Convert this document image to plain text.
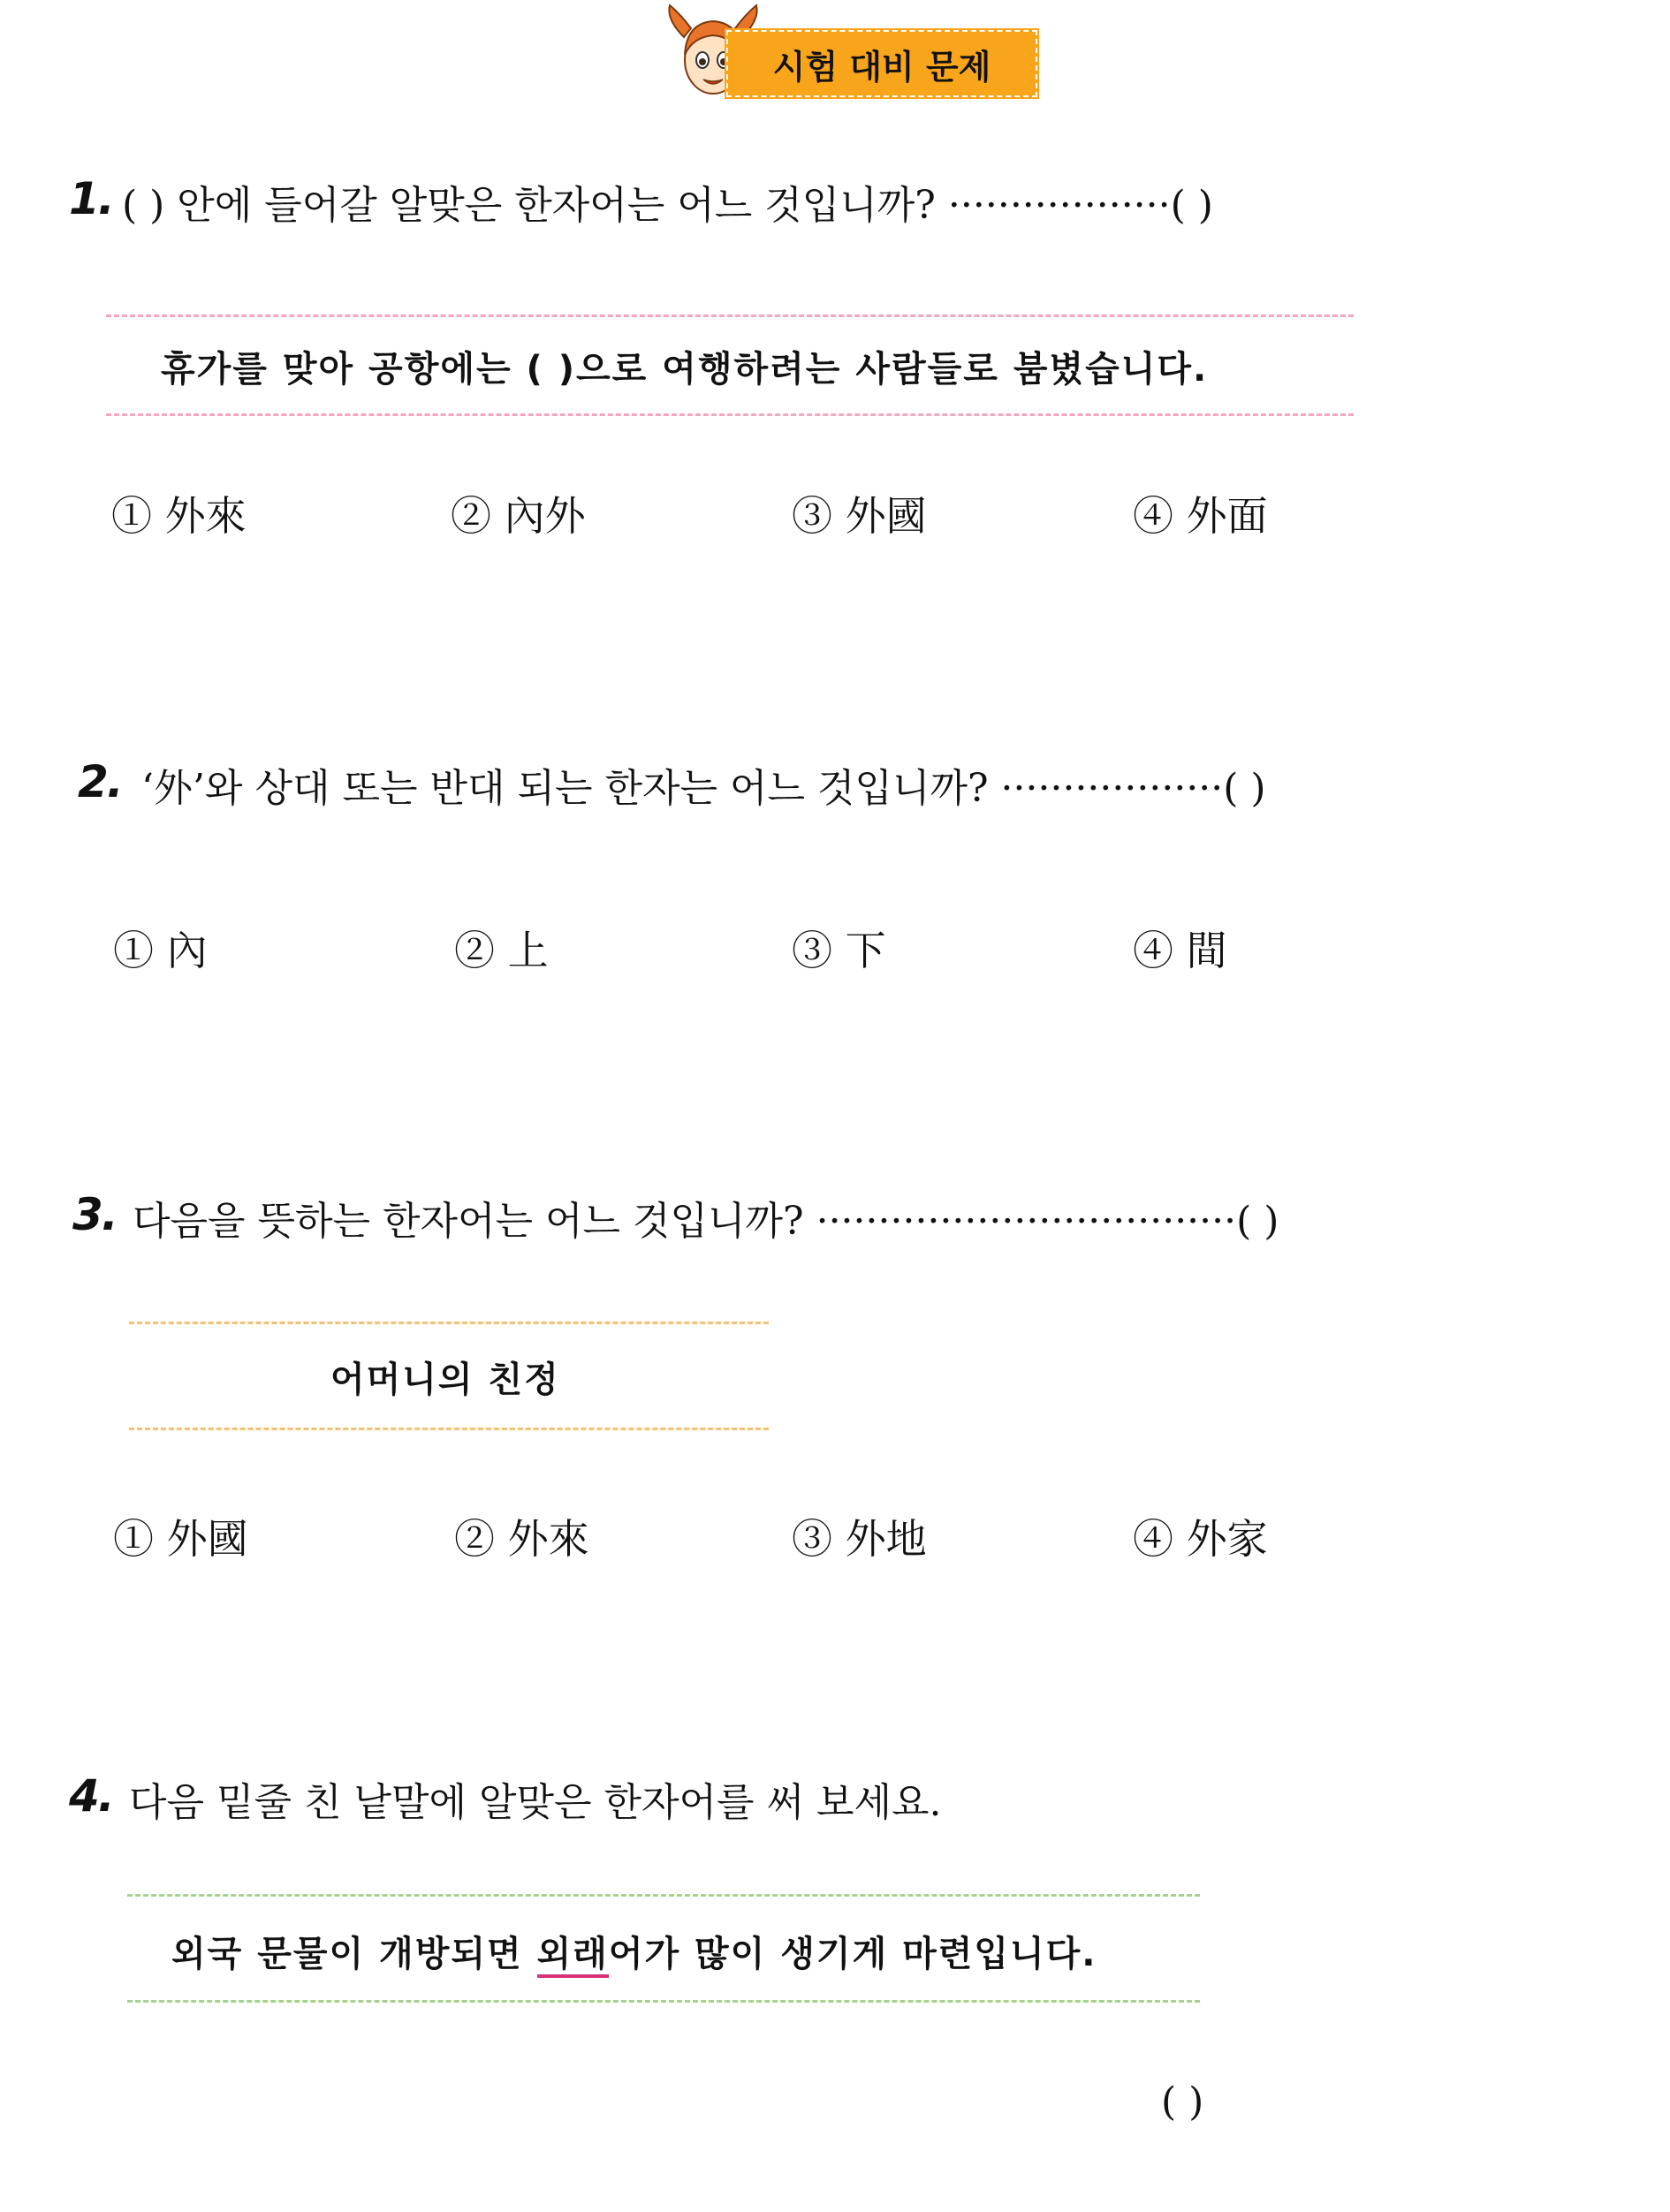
시험 대비 문제
1. ( ) 안에 들어갈 알맞은 한자어는 어느 것입니까? ··················( )
휴가를 맞아 공항에는 ( )으로 여행하려는 사람들로 붐볐습니다.
① 外來	② 內外	③ 外國	④ 外面
2. ‘外’와 상대 또는 반대 되는 한자는 어느 것입니까? ··················( )
① 內	② 上	③ 下	④ 間
3. 다음을 뜻하는 한자어는 어느 것입니까? ··································( )
어머니의 친정
① 外國	② 外來	③ 外地	④ 外家
4. 다음 밑줄 친 낱말에 알맞은 한자어를 써 보세요.
외국 문물이 개방되면 외래어가 많이 생기게 마련입니다.
( )
